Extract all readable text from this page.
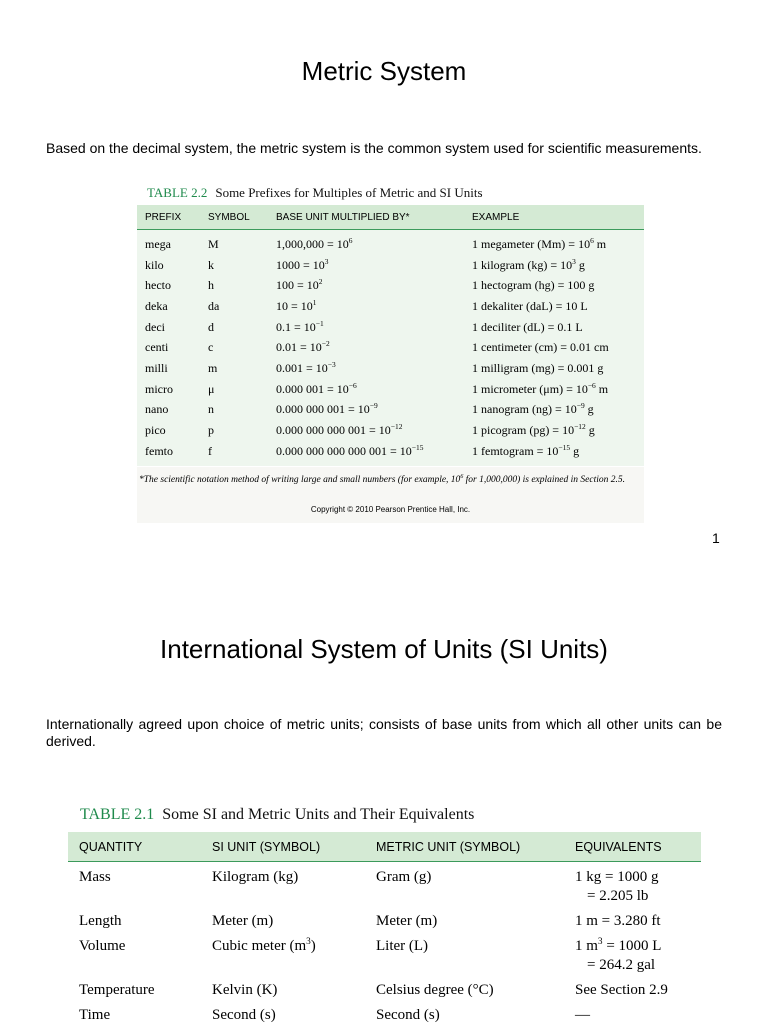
Metric System
Based on the decimal system, the metric system is the common system used for scientific measurements.
TABLE 2.2 Some Prefixes for Multiples of Metric and SI Units
PREFIX	SYMBOL	BASE UNIT MULTIPLIED BY*	EXAMPLE
mega	M	$1,000,000 = 10^6$	1 megameter $(Mm) = 10^6$ m
kilo	k	$1000 = 10^3$	1 kilogram $(kg) = 10^3$ g
hecto	h	$100 = 10^2$	1 hectogram (hg) = 100 g
deka	da	$10 = 10^1$	1 dekaliter (daL) = 10 L
deci	d	$0.1 = 10^{-1}$	1 deciliter (dL) = 0.1 L
centi	c	$0.01 = 10^{-2}$	1 centimeter (cm) = 0.01 cm
milli	m	$0.001 = 10^{-3}$	1 milligram (mg) = 0.001 g
micro	μ	0.000 $001 = 10^{-6}$	1 micrometer $(\mu m) = 10^{-6}$ m
nano	n	0.000 000 $001 = 10^{-9}$	1 nanogram $(ng) = 10^{-9}$ g
pico	p	0.000 000 000 $001 = 10^{-12}$	1 picogram $(pg) = 10^{-12}$ g
femto	f	0.000 000 000 000 $001 = 10^{-15}$	1 femtogram = $10^{-15}$ g
*The scientific notation method of writing large and small numbers (for example, $10^6$ for 1,000,000) is explained in Section 2.5.
Copyright © 2010 Pearson Prentice Hall, Inc.
1
International System of Units (SI Units)
Internationally agreed upon choice of metric units; consists of base units from which all other units can be derived.
TABLE 2.1 Some SI and Metric Units and Their Equivalents
QUANTITY	SI UNIT (SYMBOL)	METRIC UNIT (SYMBOL)	EQUIVALENTS
Mass	Kilogram (kg)	Gram (g)	1 kg = 1000 g
= 2.205 lb

Length	Meter (m)	Meter (m)	1 m = 3.280 ft
Volume	Cubic meter $(m^3)$	Liter (L)	1 $m^3 = 1000$ L
= 264.2 gal

Temperature	Kelvin (K)	Celsius degree (°C)	See Section 2.9
Time	Second (s)	Second (s)	—
